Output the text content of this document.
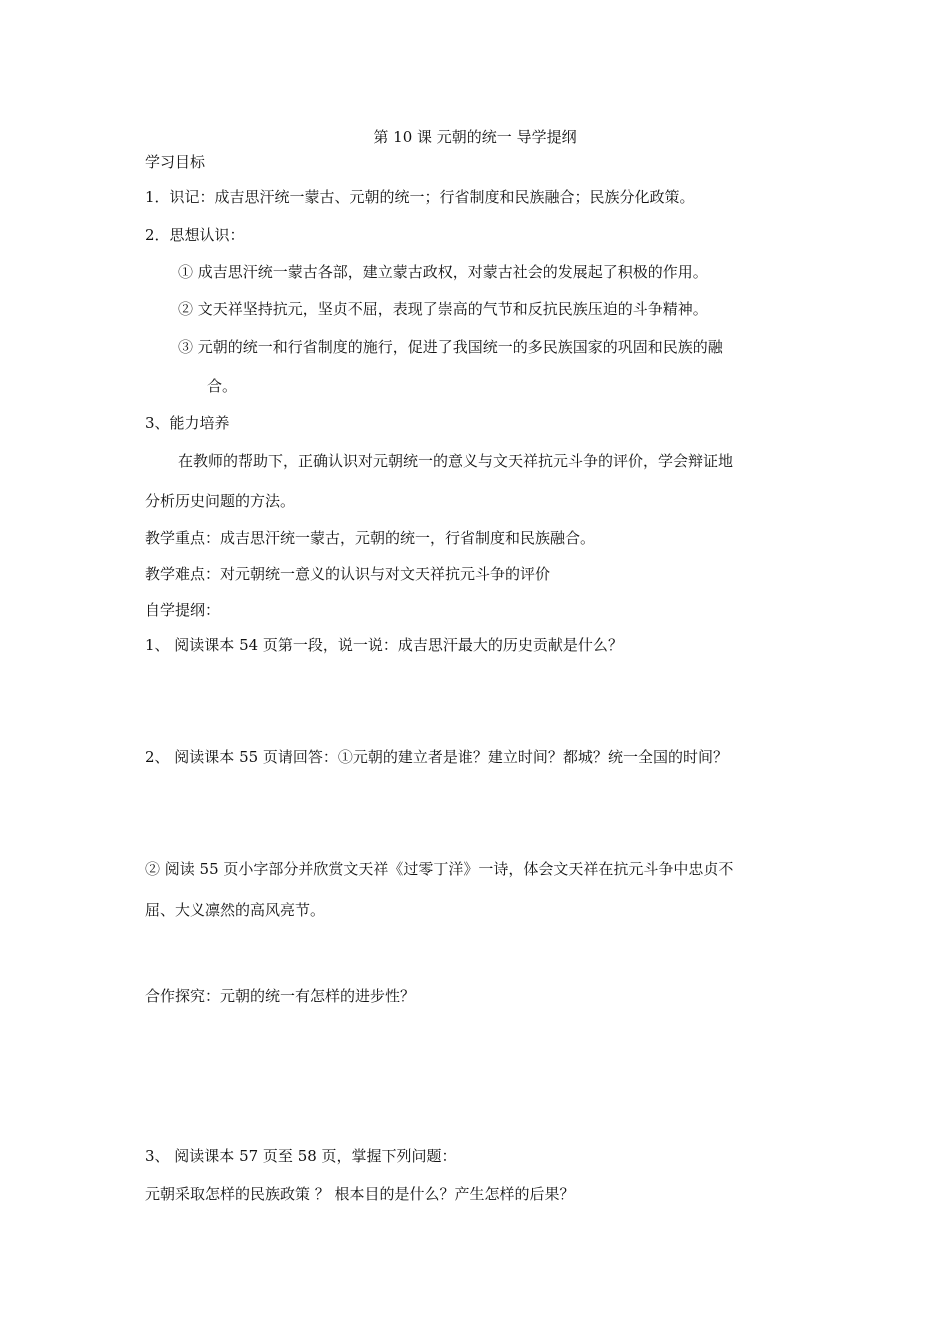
第 10 课 元朝的统一 导学提纲
学习目标
1．识记：成吉思汗统一蒙古、元朝的统一；行省制度和民族融合；民族分化政策。
2．思想认识：
① 成吉思汗统一蒙古各部，建立蒙古政权，对蒙古社会的发展起了积极的作用。
② 文天祥坚持抗元，坚贞不屈，表现了崇高的气节和反抗民族压迫的斗争精神。
③ 元朝的统一和行省制度的施行，促进了我国统一的多民族国家的巩固和民族的融
合。
3、能力培养
在教师的帮助下，正确认识对元朝统一的意义与文天祥抗元斗争的评价，学会辩证地
分析历史问题的方法。
教学重点：成吉思汗统一蒙古，元朝的统一，行省制度和民族融合。
教学难点：对元朝统一意义的认识与对文天祥抗元斗争的评价
自学提纲：
1、 阅读课本 54 页第一段，说一说：成吉思汗最大的历史贡献是什么？
2、 阅读课本 55 页请回答：①元朝的建立者是谁？建立时间？都城？统一全国的时间？
② 阅读 55 页小字部分并欣赏文天祥《过零丁洋》一诗，体会文天祥在抗元斗争中忠贞不
屈、大义凛然的高风亮节。
合作探究：元朝的统一有怎样的进步性？
3、 阅读课本 57 页至 58 页，掌握下列问题：
元朝采取怎样的民族政策 ？ 根本目的是什么？产生怎样的后果？
